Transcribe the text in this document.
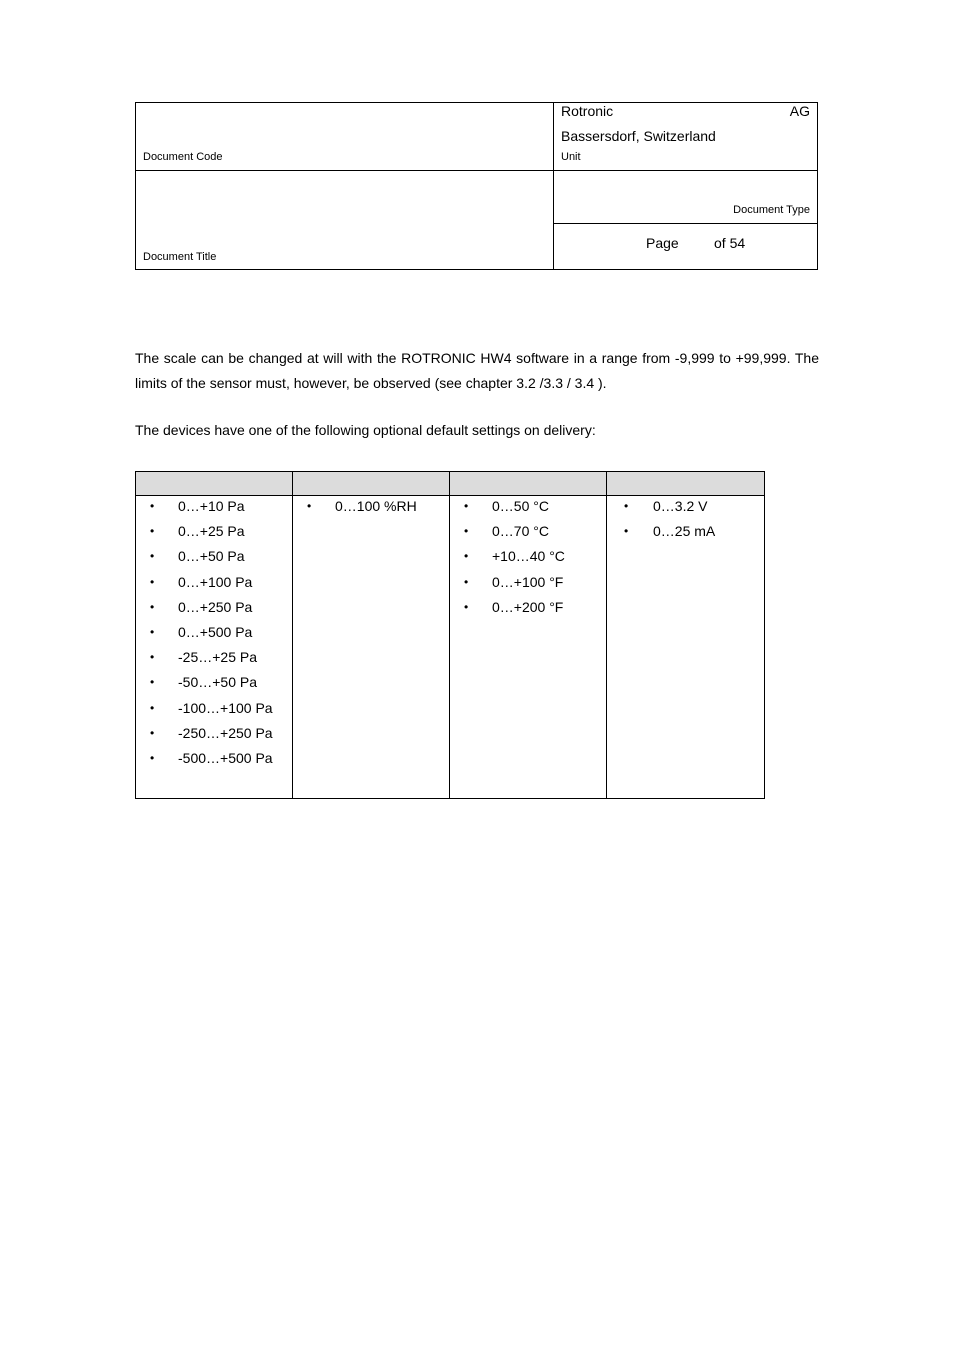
Document Code
Rotronic	AG
Bassersdorf, Switzerland
Unit
Document Title
Document Type
Page	of 54

The scale can be changed at will with the ROTRONIC HW4 software in a range from -9,999 to +99,999. The limits of the sensor must, however, be observed (see chapter 3.2 /3.3 / 3.4 ).

The devices have one of the following optional default settings on delivery:

• 0…+10 Pa
• 0…+25 Pa
• 0…+50 Pa
• 0…+100 Pa
• 0…+250 Pa
• 0…+500 Pa
• -25…+25 Pa
• -50…+50 Pa
• -100…+100 Pa
• -250…+250 Pa
• -500…+500 Pa
• 0…100 %RH
•	0…50 °C
• 0…70 °C
• +10…40 °C
• 0…+100 °F
• 0…+200 °F
• 0…3.2 V
• 0…25 mA
